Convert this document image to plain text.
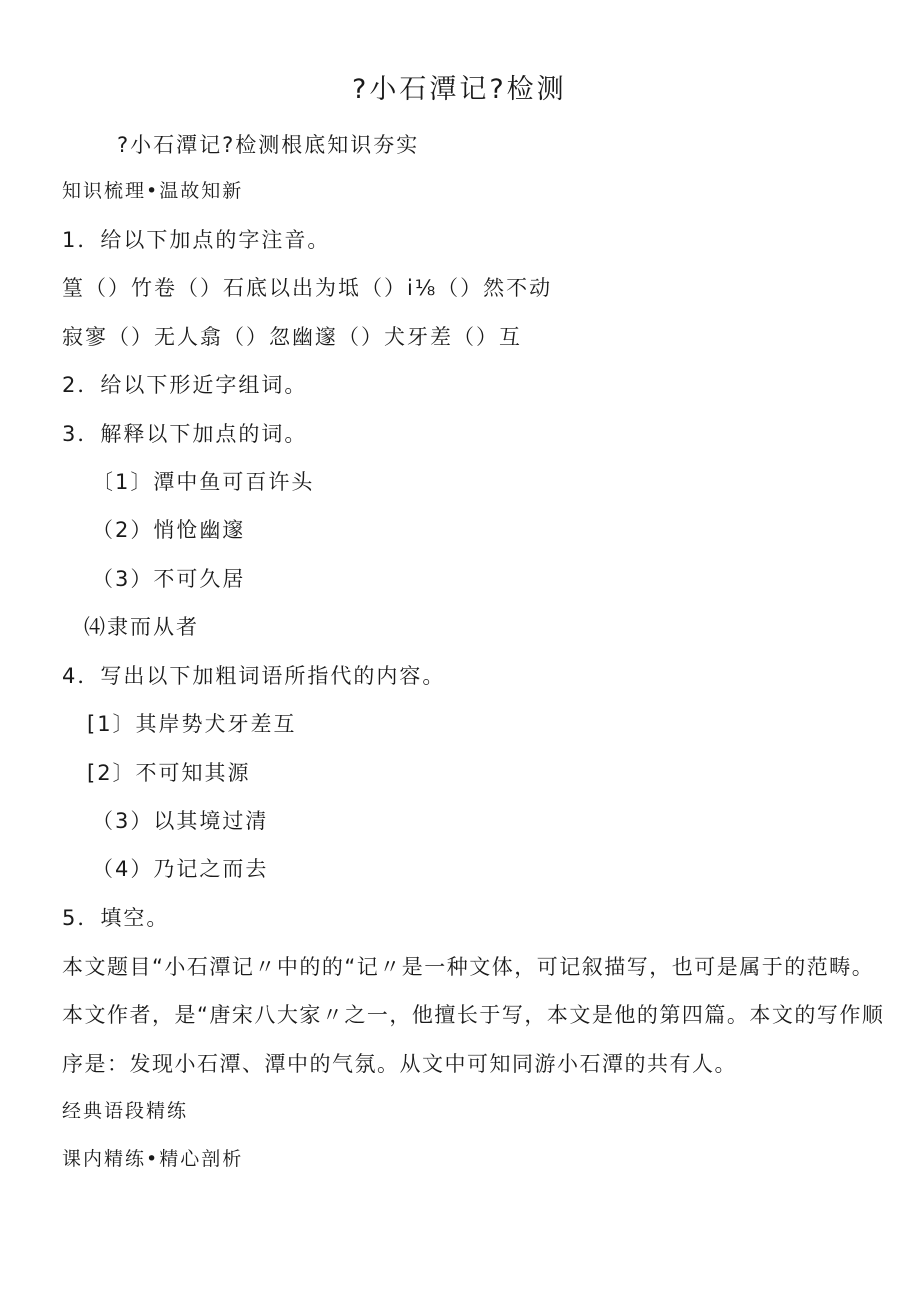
?小石潭记?检测
?小石潭记?检测根底知识夯实
知识梳理•温故知新
1．给以下加点的字注音。
篁（）竹卷（）石底以出为坻（）i⅛（）然不动
寂寥（）无人翕（）忽幽邃（）犬牙差（）互
2．给以下形近字组词。
3．解释以下加点的词。
〔1〕潭中鱼可百许头
（2）悄怆幽邃
（3）不可久居
⑷隶而从者
4．写出以下加粗词语所指代的内容。
[1〕其岸势犬牙差互
[2〕不可知其源
（3）以其境过清
（4）乃记之而去
5．填空。
本文题目“小石潭记〃中的的“记〃是一种文体，可记叙描写，也可是属于的范畴。
本文作者，是“唐宋八大家〃之一，他擅长于写，本文是他的第四篇。本文的写作顺
序是：发现小石潭、潭中的气氛。从文中可知同游小石潭的共有人。
经典语段精练
课内精练•精心剖析
